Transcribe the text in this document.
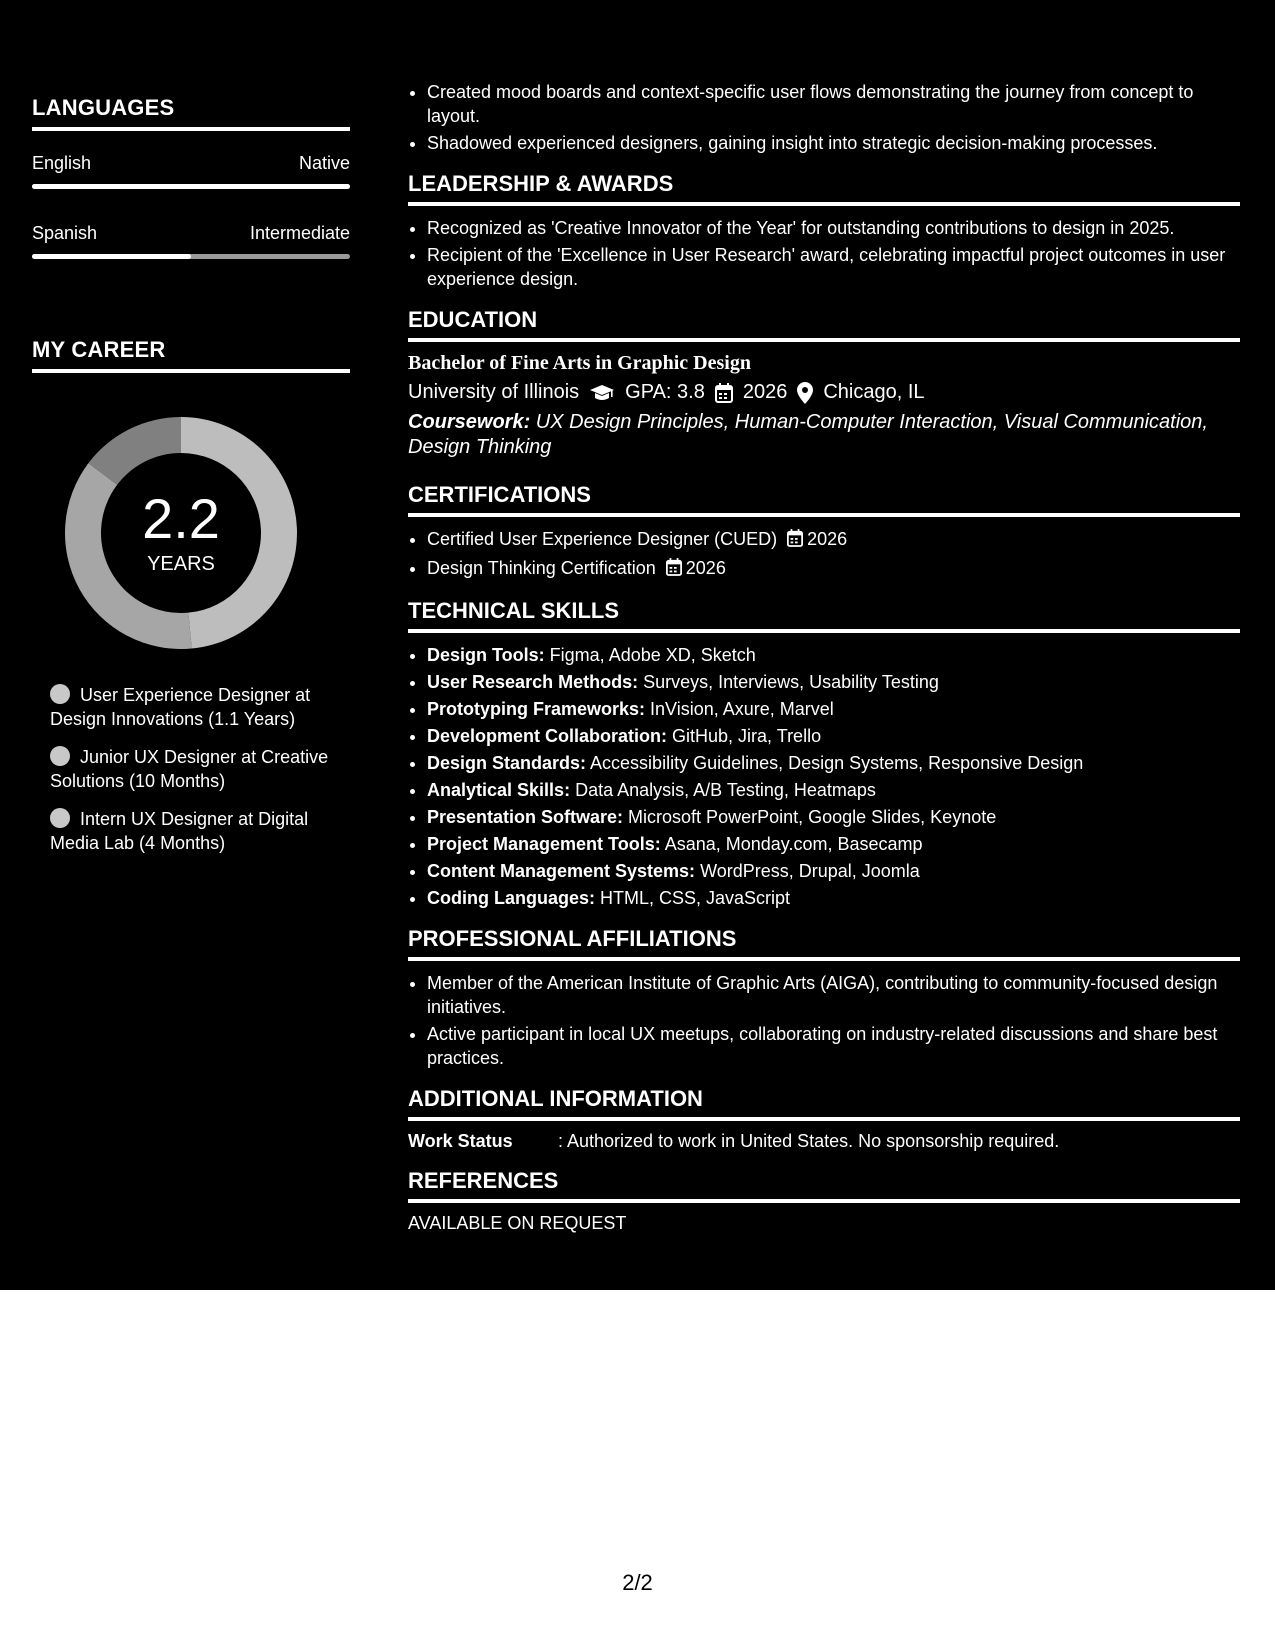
LANGUAGES
English	Native
Spanish	Intermediate
MY CAREER
2.2
YEARS
User Experience Designer at Design Innovations (1.1 Years)
Junior UX Designer at Creative Solutions (10 Months)
Intern UX Designer at Digital Media Lab (4 Months)
• Created mood boards and context-specific user flows demonstrating the journey from concept to layout.
• Shadowed experienced designers, gaining insight into strategic decision-making processes.
LEADERSHIP & AWARDS
• Recognized as 'Creative Innovator of the Year' for outstanding contributions to design in 2025.
• Recipient of the 'Excellence in User Research' award, celebrating impactful project outcomes in user experience design.
EDUCATION
Bachelor of Fine Arts in Graphic Design
University of Illinois GPA: 3.8 2026 Chicago, IL
Coursework: UX Design Principles, Human-Computer Interaction, Visual Communication, Design Thinking
CERTIFICATIONS
• Certified User Experience Designer (CUED) 2026
• Design Thinking Certification 2026
TECHNICAL SKILLS
• Design Tools: Figma, Adobe XD, Sketch
• User Research Methods: Surveys, Interviews, Usability Testing
• Prototyping Frameworks: InVision, Axure, Marvel
• Development Collaboration: GitHub, Jira, Trello
• Design Standards: Accessibility Guidelines, Design Systems, Responsive Design
• Analytical Skills: Data Analysis, A/B Testing, Heatmaps
• Presentation Software: Microsoft PowerPoint, Google Slides, Keynote
• Project Management Tools: Asana, Monday.com, Basecamp
• Content Management Systems: WordPress, Drupal, Joomla
• Coding Languages: HTML, CSS, JavaScript
PROFESSIONAL AFFILIATIONS
• Member of the American Institute of Graphic Arts (AIGA), contributing to community-focused design initiatives.
• Active participant in local UX meetups, collaborating on industry-related discussions and share best practices.
ADDITIONAL INFORMATION
Work Status	: Authorized to work in United States. No sponsorship required.
REFERENCES
AVAILABLE ON REQUEST
2/2
